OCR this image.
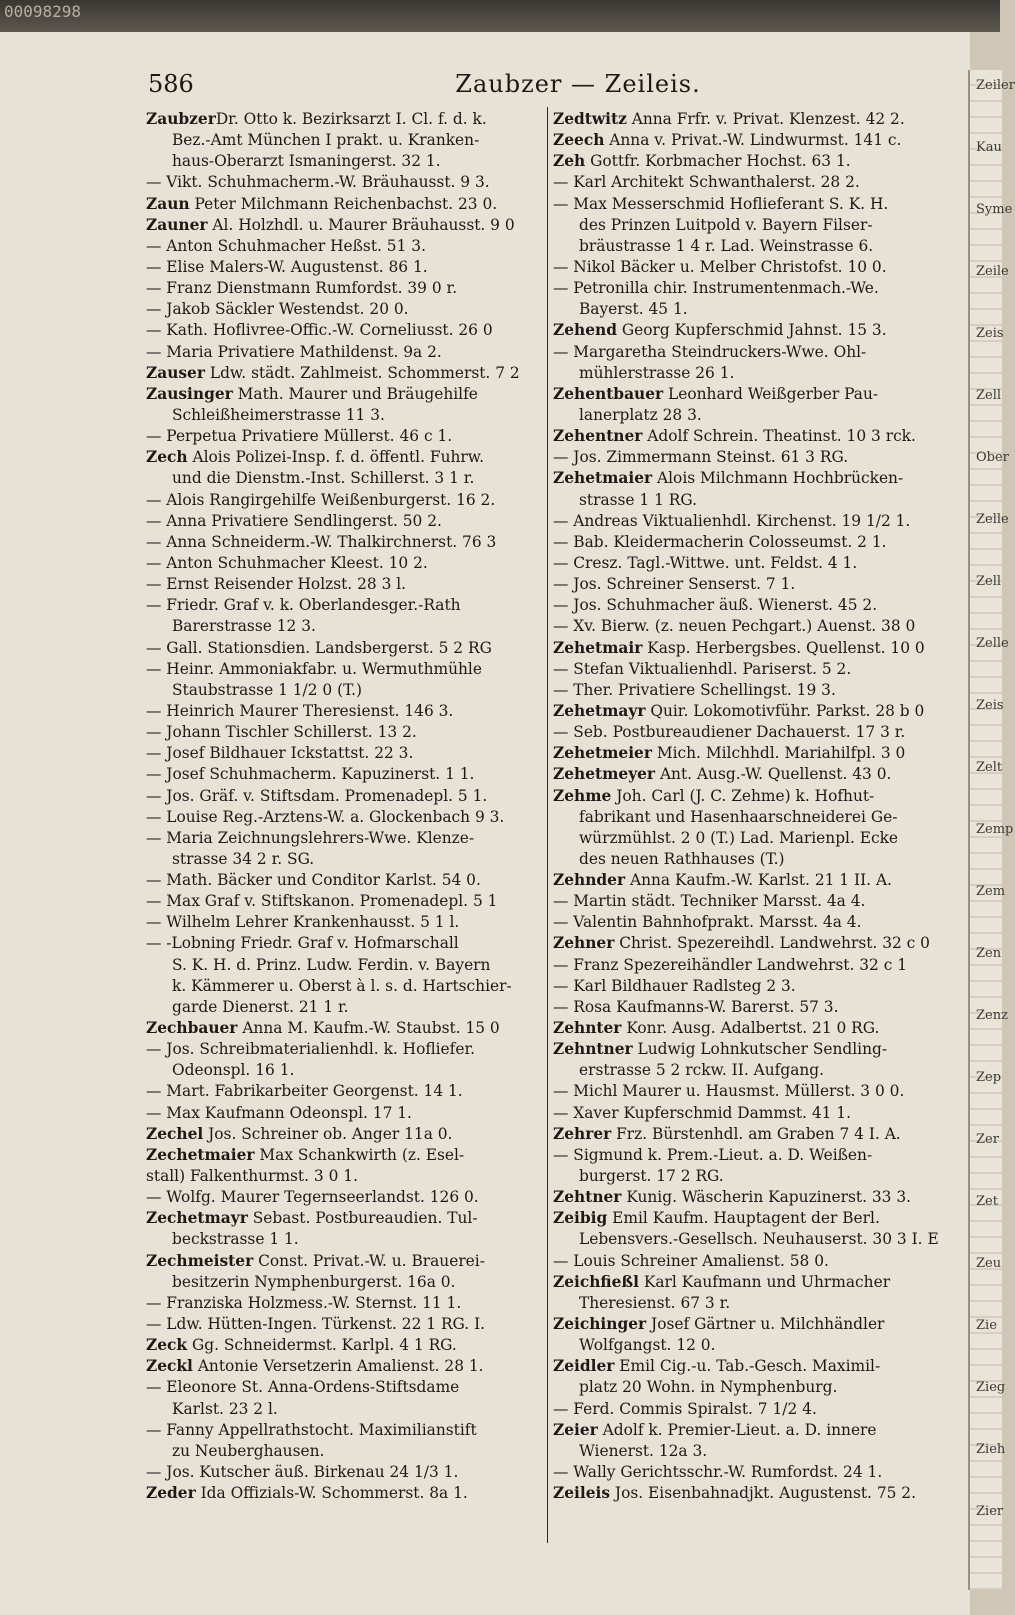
00098298
Zeiler
Kau
Syme
Zeile
Zeis
Zell
Ober
Zelle
Zell
Zelle
Zeis
Zelt
Zemp
Zem
Zen
Zenz
Zep
Zer
Zet
Zeu
Zie
Zieg
Zieh
Zier
586	Zaubzer — Zeileis.
ZaubzerDr. Otto k. Bezirksarzt I. Cl. f. d. k.
Bez.-Amt München I prakt. u. Kranken-
haus-Oberarzt Ismaningerst. 32 1.
— Vikt. Schuhmacherm.-W. Bräuhausst. 9 3.
Zaun Peter Milchmann Reichenbachst. 23 0.
Zauner Al. Holzhdl. u. Maurer Bräuhausst. 9 0
— Anton Schuhmacher Heßst. 51 3.
— Elise Malers-W. Augustenst. 86 1.
— Franz Dienstmann Rumfordst. 39 0 r.
— Jakob Säckler Westendst. 20 0.
— Kath. Hoflivree-Offic.-W. Corneliusst. 26 0
— Maria Privatiere Mathildenst. 9a 2.
Zauser Ldw. städt. Zahlmeist. Schommerst. 7 2
Zausinger Math. Maurer und Bräugehilfe
Schleißheimerstrasse 11 3.
— Perpetua Privatiere Müllerst. 46 c 1.
Zech Alois Polizei-Insp. f. d. öffentl. Fuhrw.
und die Dienstm.-Inst. Schillerst. 3 1 r.
— Alois Rangirgehilfe Weißenburgerst. 16 2.
— Anna Privatiere Sendlingerst. 50 2.
— Anna Schneiderm.-W. Thalkirchnerst. 76 3
— Anton Schuhmacher Kleest. 10 2.
— Ernst Reisender Holzst. 28 3 l.
— Friedr. Graf v. k. Oberlandesger.-Rath
Barerstrasse 12 3.
— Gall. Stationsdien. Landsbergerst. 5 2 RG
— Heinr. Ammoniakfabr. u. Wermuthmühle
Staubstrasse 1 1/2 0 (T.)
— Heinrich Maurer Theresienst. 146 3.
— Johann Tischler Schillerst. 13 2.
— Josef Bildhauer Ickstattst. 22 3.
— Josef Schuhmacherm. Kapuzinerst. 1 1.
— Jos. Gräf. v. Stiftsdam. Promenadepl. 5 1.
— Louise Reg.-Arztens-W. a. Glockenbach 9 3.
— Maria Zeichnungslehrers-Wwe. Klenze-
strasse 34 2 r. SG.
— Math. Bäcker und Conditor Karlst. 54 0.
— Max Graf v. Stiftskanon. Promenadepl. 5 1
— Wilhelm Lehrer Krankenhausst. 5 1 l.
— -Lobning Friedr. Graf v. Hofmarschall
S. K. H. d. Prinz. Ludw. Ferdin. v. Bayern
k. Kämmerer u. Oberst à l. s. d. Hartschier-
garde Dienerst. 21 1 r.
Zechbauer Anna M. Kaufm.-W. Staubst. 15 0
— Jos. Schreibmaterialienhdl. k. Hofliefer.
Odeonspl. 16 1.
— Mart. Fabrikarbeiter Georgenst. 14 1.
— Max Kaufmann Odeonspl. 17 1.
Zechel Jos. Schreiner ob. Anger 11a 0.
Zechetmaier Max Schankwirth (z. Esel-
stall) Falkenthurmst. 3 0 1.
— Wolfg. Maurer Tegernseerlandst. 126 0.
Zechetmayr Sebast. Postbureaudien. Tul-
beckstrasse 1 1.
Zechmeister Const. Privat.-W. u. Brauerei-
besitzerin Nymphenburgerst. 16a 0.
— Franziska Holzmess.-W. Sternst. 11 1.
— Ldw. Hütten-Ingen. Türkenst. 22 1 RG. I.
Zeck Gg. Schneidermst. Karlpl. 4 1 RG.
Zeckl Antonie Versetzerin Amalienst. 28 1.
— Eleonore St. Anna-Ordens-Stiftsdame
Karlst. 23 2 l.
— Fanny Appellrathstocht. Maximilianstift
zu Neuberghausen.
— Jos. Kutscher äuß. Birkenau 24 1/3 1.
Zeder Ida Offizials-W. Schommerst. 8a 1.
Zedtwitz Anna Frfr. v. Privat. Klenzest. 42 2.
Zeech Anna v. Privat.-W. Lindwurmst. 141 c.
Zeh Gottfr. Korbmacher Hochst. 63 1.
— Karl Architekt Schwanthalerst. 28 2.
— Max Messerschmid Hoflieferant S. K. H.
des Prinzen Luitpold v. Bayern Filser-
bräustrasse 1 4 r. Lad. Weinstrasse 6.
— Nikol Bäcker u. Melber Christofst. 10 0.
— Petronilla chir. Instrumentenmach.-We.
Bayerst. 45 1.
Zehend Georg Kupferschmid Jahnst. 15 3.
— Margaretha Steindruckers-Wwe. Ohl-
mühlerstrasse 26 1.
Zehentbauer Leonhard Weißgerber Pau-
lanerplatz 28 3.
Zehentner Adolf Schrein. Theatinst. 10 3 rck.
— Jos. Zimmermann Steinst. 61 3 RG.
Zehetmaier Alois Milchmann Hochbrücken-
strasse 1 1 RG.
— Andreas Viktualienhdl. Kirchenst. 19 1/2 1.
— Bab. Kleidermacherin Colosseumst. 2 1.
— Cresz. Tagl.-Wittwe. unt. Feldst. 4 1.
— Jos. Schreiner Senserst. 7 1.
— Jos. Schuhmacher äuß. Wienerst. 45 2.
— Xv. Bierw. (z. neuen Pechgart.) Auenst. 38 0
Zehetmair Kasp. Herbergsbes. Quellenst. 10 0
— Stefan Viktualienhdl. Pariserst. 5 2.
— Ther. Privatiere Schellingst. 19 3.
Zehetmayr Quir. Lokomotivführ. Parkst. 28 b 0
— Seb. Postbureaudiener Dachauerst. 17 3 r.
Zehetmeier Mich. Milchhdl. Mariahilfpl. 3 0
Zehetmeyer Ant. Ausg.-W. Quellenst. 43 0.
Zehme Joh. Carl (J. C. Zehme) k. Hofhut-
fabrikant und Hasenhaarschneiderei Ge-
würzmühlst. 2 0 (T.) Lad. Marienpl. Ecke
des neuen Rathhauses (T.)
Zehnder Anna Kaufm.-W. Karlst. 21 1 II. A.
— Martin städt. Techniker Marsst. 4a 4.
— Valentin Bahnhofprakt. Marsst. 4a 4.
Zehner Christ. Spezereihdl. Landwehrst. 32 c 0
— Franz Spezereihändler Landwehrst. 32 c 1
— Karl Bildhauer Radlsteg 2 3.
— Rosa Kaufmanns-W. Barerst. 57 3.
Zehnter Konr. Ausg. Adalbertst. 21 0 RG.
Zehntner Ludwig Lohnkutscher Sendling-
erstrasse 5 2 rckw. II. Aufgang.
— Michl Maurer u. Hausmst. Müllerst. 3 0 0.
— Xaver Kupferschmid Dammst. 41 1.
Zehrer Frz. Bürstenhdl. am Graben 7 4 I. A.
— Sigmund k. Prem.-Lieut. a. D. Weißen-
burgerst. 17 2 RG.
Zehtner Kunig. Wäscherin Kapuzinerst. 33 3.
Zeibig Emil Kaufm. Hauptagent der Berl.
Lebensvers.-Gesellsch. Neuhauserst. 30 3 I. E
— Louis Schreiner Amalienst. 58 0.
Zeichfießl Karl Kaufmann und Uhrmacher
Theresienst. 67 3 r.
Zeichinger Josef Gärtner u. Milchhändler
Wolfgangst. 12 0.
Zeidler Emil Cig.-u. Tab.-Gesch. Maximil-
platz 20 Wohn. in Nymphenburg.
— Ferd. Commis Spiralst. 7 1/2 4.
Zeier Adolf k. Premier-Lieut. a. D. innere
Wienerst. 12a 3.
— Wally Gerichtsschr.-W. Rumfordst. 24 1.
Zeileis Jos. Eisenbahnadjkt. Augustenst. 75 2.
